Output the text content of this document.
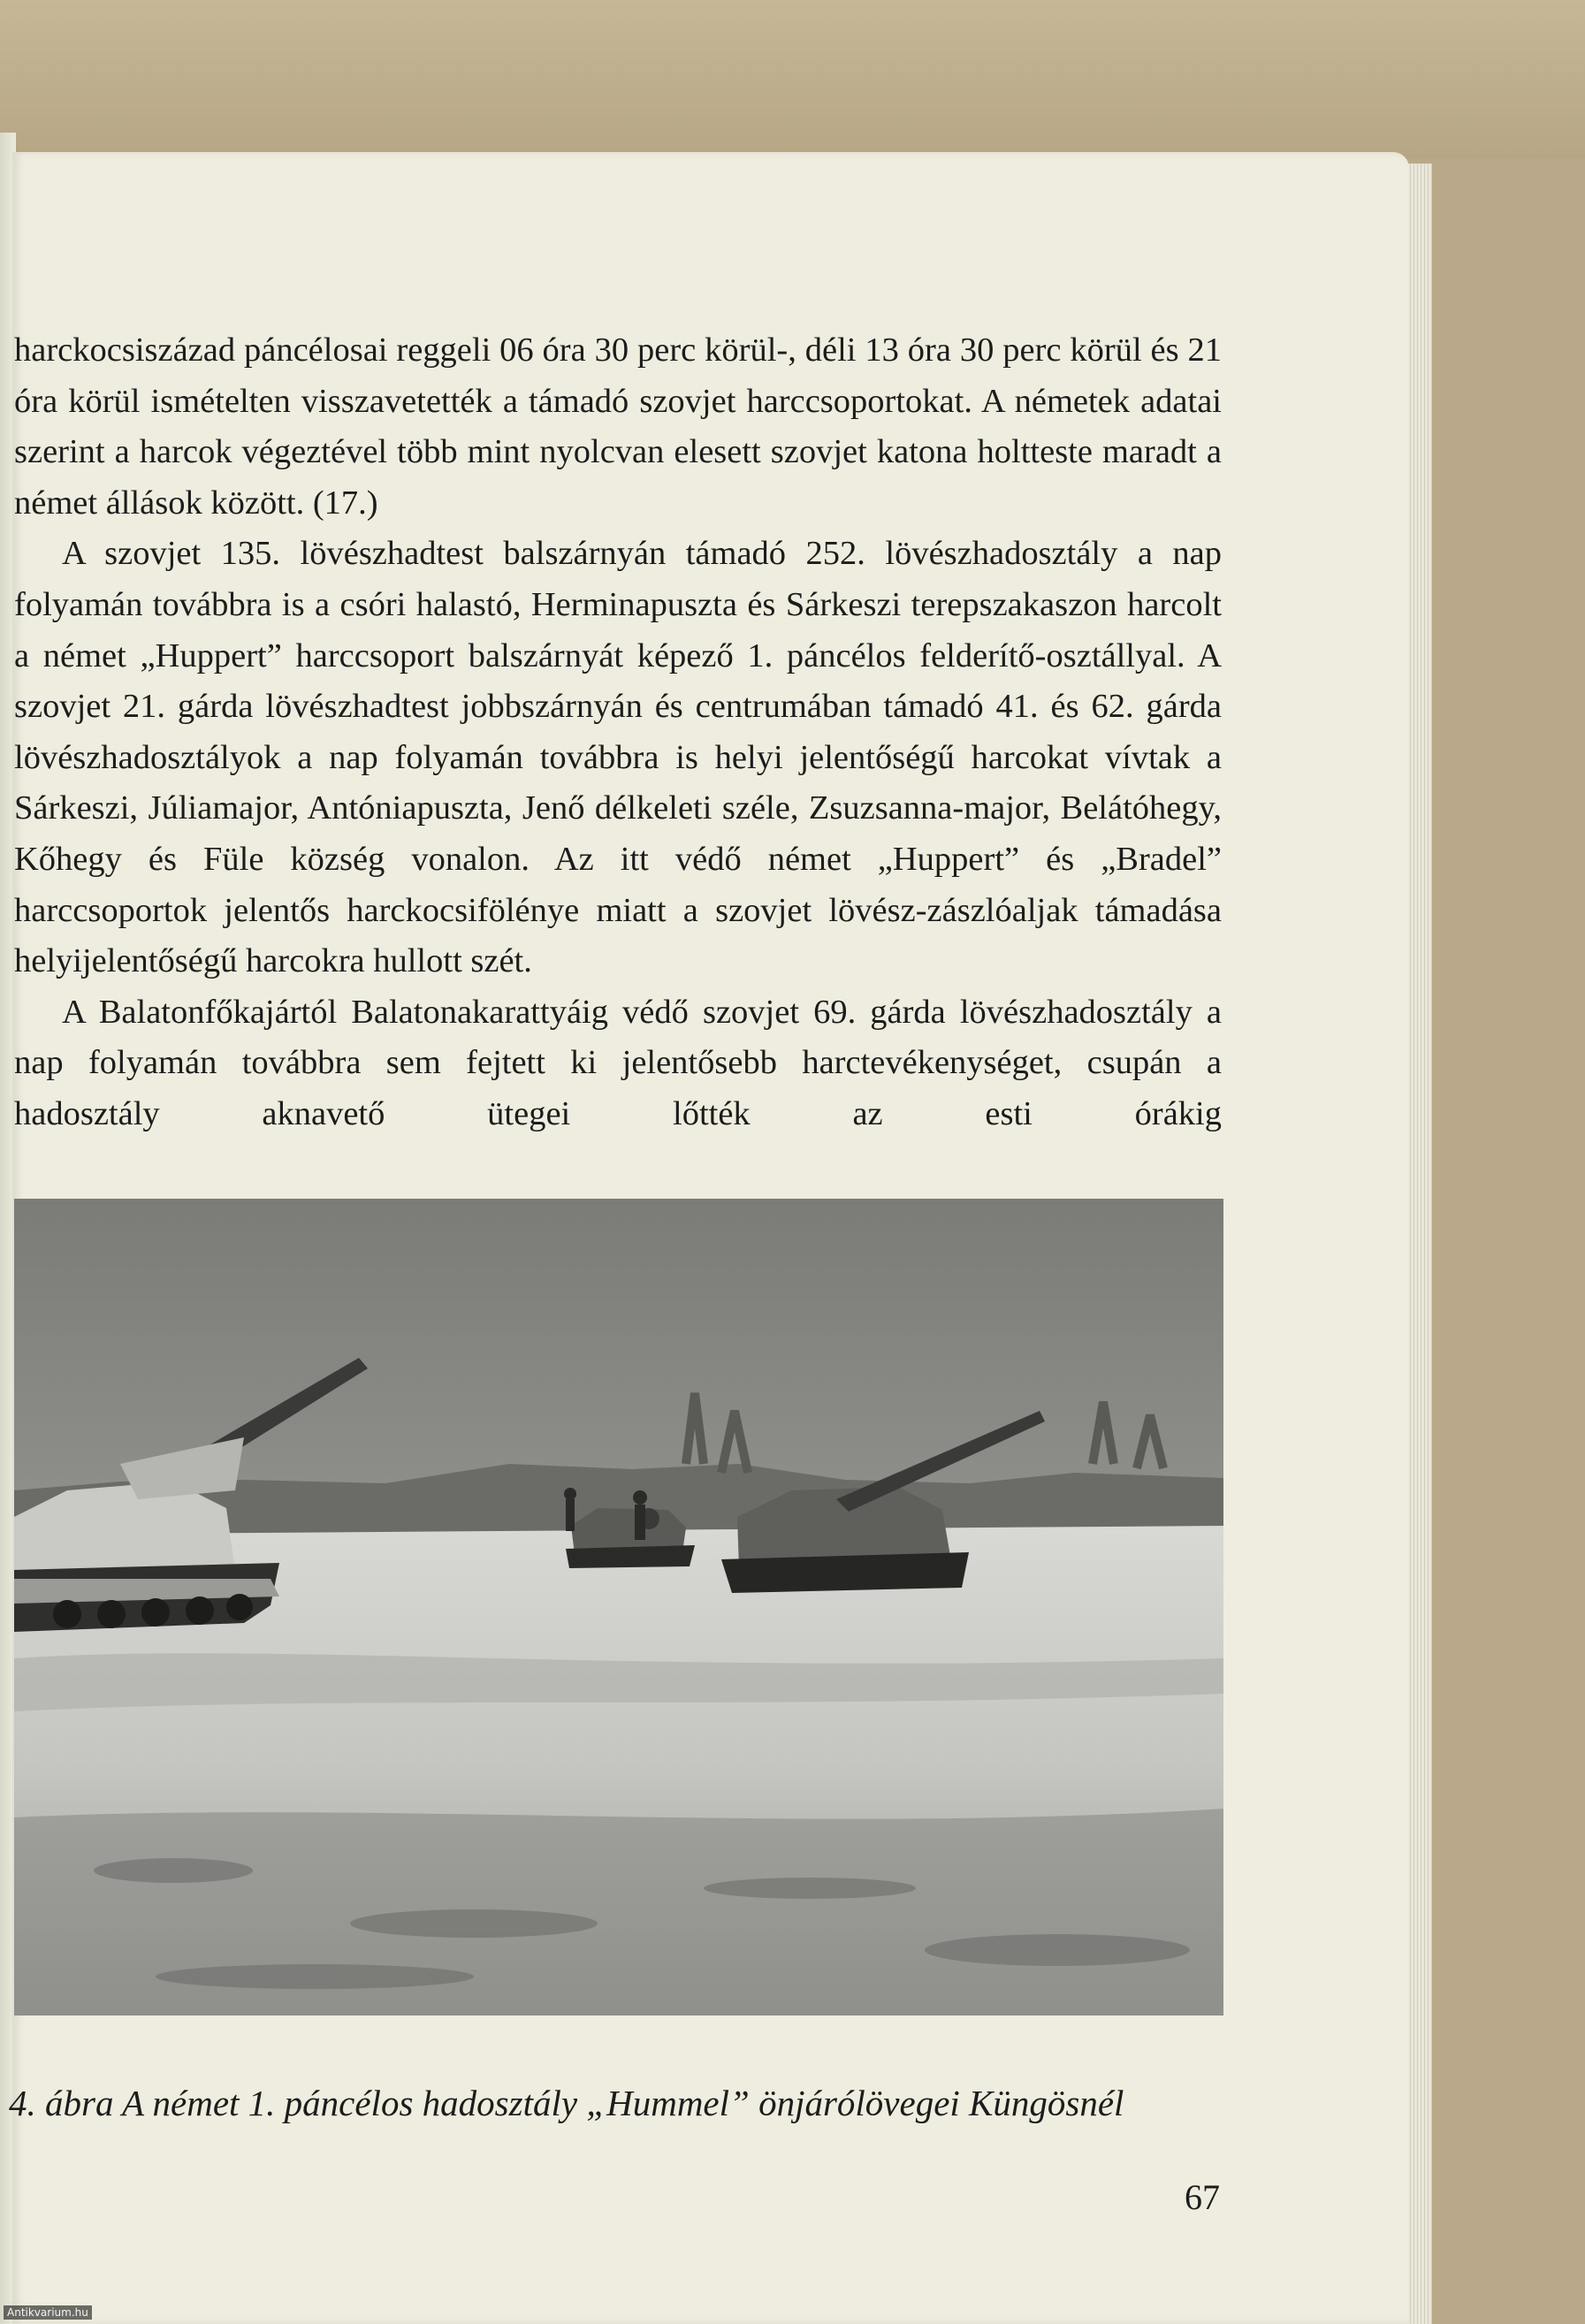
harckocsiszázad páncélosai reggeli 06 óra 30 perc körül-, déli 13 óra 30 perc körül és 21 óra körül ismételten visszavetették a támadó szovjet harccsoportokat. A németek adatai szerint a harcok végeztével több mint nyolcvan elesett szovjet katona holtteste maradt a német állások között. (17.)

A szovjet 135. lövészhadtest balszárnyán támadó 252. lövészhadosztály a nap folyamán továbbra is a csóri halastó, Herminapuszta és Sárkeszi terepszakaszon harcolt a német „Huppert” harccsoport balszárnyát képező 1. páncélos felderítő-osztállyal. A szovjet 21. gárda lövészhadtest jobbszárnyán és centrumában támadó 41. és 62. gárda lövészhadosztályok a nap folyamán továbbra is helyi jelentőségű harcokat vívtak a Sárkeszi, Júliamajor, Antóniapuszta, Jenő délkeleti széle, Zsuzsanna-major, Belátóhegy, Kőhegy és Füle község vonalon. Az itt védő német „Huppert” és „Bradel” harccsoportok jelentős harckocsifölénye miatt a szovjet lövész-zászlóaljak támadása helyijelentőségű harcokra hullott szét.

A Balatonfőkajártól Balatonakarattyáig védő szovjet 69. gárda lövészhadosztály a nap folyamán továbbra sem fejtett ki jelentősebb harctevékenységet, csupán a hadosztály aknavető ütegei lőtték az esti órákig

4. ábra A német 1. páncélos hadosztály „Hummel” önjárólövegei Küngösnél
67
Antikvarium.hu
